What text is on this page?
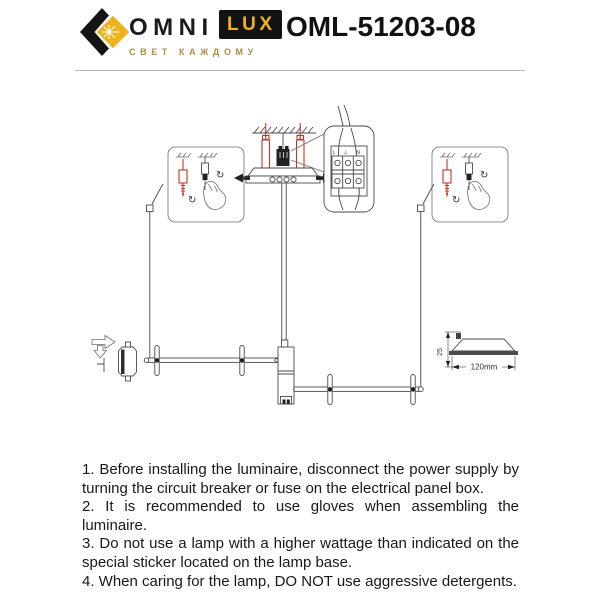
OMNI LUX
СВЕТ КАЖДОМУ
OML-51203-08
L ⊥ N
↻
↻
120mm
25

1. Before installing the luminaire, disconnect the power supply by turning the circuit breaker or fuse on the electrical panel box.

2. It is recommended to use gloves when assembling the luminaire.

3. Do not use a lamp with a higher wattage than indicated on the special sticker located on the lamp base.

4. When caring for the lamp, DO NOT use aggressive detergents.
